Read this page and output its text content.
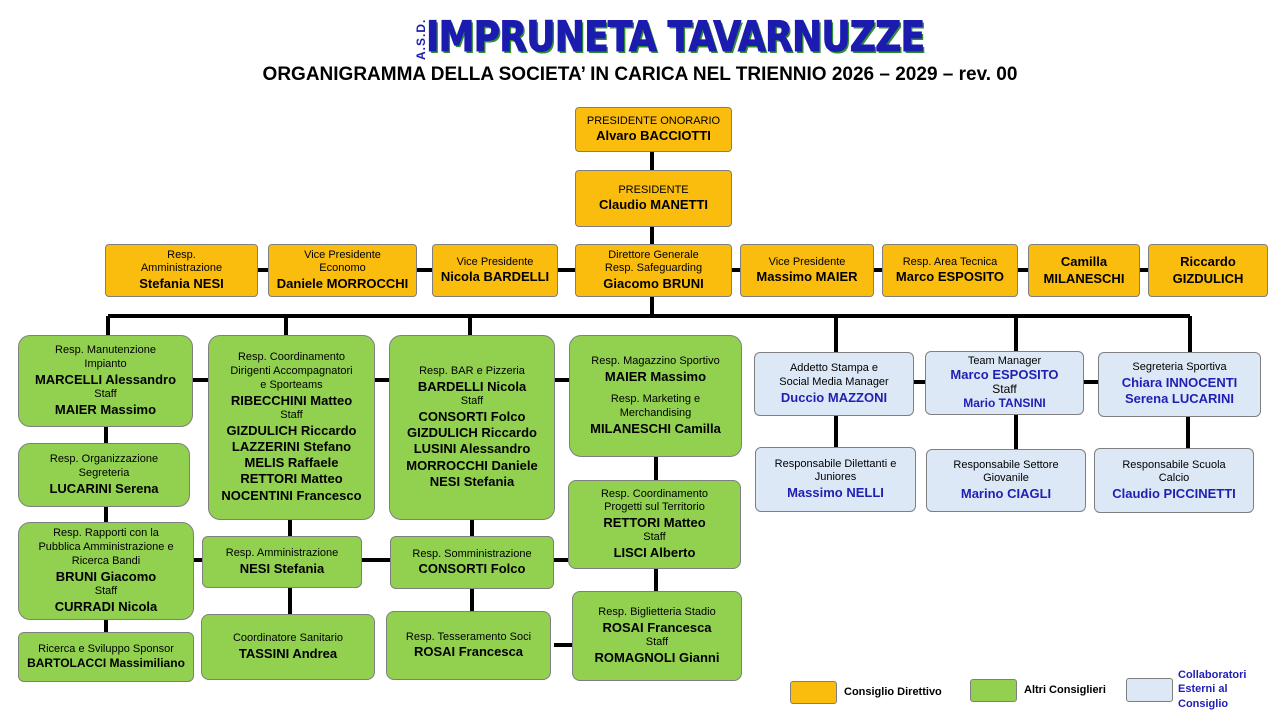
A.S.D.
IMPRUNETA TAVARNUZZE
ORGANIGRAMMA DELLA SOCIETA’ IN CARICA NEL TRIENNIO 2026 – 2029 – rev. 00
PRESIDENTE ONORARIO
Alvaro BACCIOTTI
PRESIDENTE
Claudio MANETTI
Resp.
Amministrazione
Stefania NESI
Vice Presidente
Economo
Daniele MORROCCHI
Vice Presidente
Nicola BARDELLI
Direttore Generale
Resp. Safeguarding
Giacomo BRUNI
Vice Presidente
Massimo MAIER
Resp. Area Tecnica
Marco ESPOSITO
Camilla
MILANESCHI
Riccardo
GIZDULICH
Resp. Manutenzione
Impianto
MARCELLI Alessandro
Staff
MAIER Massimo
Resp. Organizzazione
Segreteria
LUCARINI Serena
Resp. Rapporti con la
Pubblica Amministrazione e
Ricerca Bandi
BRUNI Giacomo
Staff
CURRADI Nicola
Ricerca e Sviluppo Sponsor
BARTOLACCI Massimiliano
Resp. Coordinamento
Dirigenti Accompagnatori
e Sporteams
RIBECCHINI Matteo
Staff
GIZDULICH Riccardo
LAZZERINI Stefano
MELIS Raffaele
RETTORI Matteo
NOCENTINI Francesco
Resp. Amministrazione
NESI Stefania
Coordinatore Sanitario
TASSINI Andrea
Resp. BAR e Pizzeria
BARDELLI Nicola
Staff
CONSORTI Folco
GIZDULICH Riccardo
LUSINI Alessandro
MORROCCHI Daniele
NESI Stefania
Resp. Somministrazione
CONSORTI Folco
Resp. Tesseramento Soci
ROSAI Francesca
Resp. Magazzino Sportivo
MAIER Massimo
Resp. Marketing e
Merchandising
MILANESCHI Camilla
Resp. Coordinamento
Progetti sul Territorio
RETTORI Matteo
Staff
LISCI Alberto
Resp. Biglietteria Stadio
ROSAI Francesca
Staff
ROMAGNOLI Gianni
Addetto Stampa e
Social Media Manager
Duccio MAZZONI
Team Manager
Marco ESPOSITO
Staff
Mario TANSINI
Segreteria Sportiva
Chiara INNOCENTI
Serena LUCARINI
Responsabile Dilettanti e
Juniores
Massimo NELLI
Responsabile Settore
Giovanile
Marino CIAGLI
Responsabile Scuola
Calcio
Claudio PICCINETTI
Consiglio Direttivo	Altri Consiglieri
Collaboratori
Esterni al
Consiglio
